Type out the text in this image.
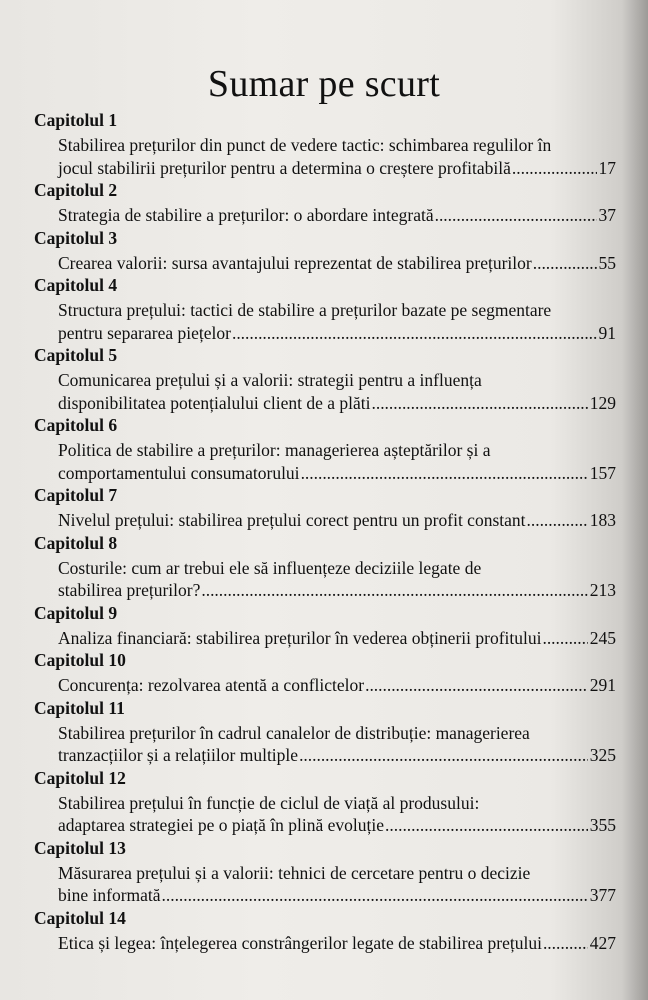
Sumar pe scurt
Capitolul 1
Stabilirea prețurilor din punct de vedere tactic: schimbarea regulilor în
jocul stabilirii prețurilor pentru a determina o creștere profitabilă . . .	17
Capitolul 2
Strategia de stabilire a prețurilor: o abordare integrată . . .	37
Capitolul 3
Crearea valorii: sursa avantajului reprezentat de stabilirea prețurilor . . .	55
Capitolul 4
Structura prețului: tactici de stabilire a prețurilor bazate pe segmentare
pentru separarea piețelor . . .	91
Capitolul 5
Comunicarea prețului și a valorii: strategii pentru a influența
disponibilitatea potențialului client de a plăti . . .	129
Capitolul 6
Politica de stabilire a prețurilor: managerierea așteptărilor și a
comportamentului consumatorului . . .	157
Capitolul 7
Nivelul prețului: stabilirea prețului corect pentru un profit constant . . .	183
Capitolul 8
Costurile: cum ar trebui ele să influențeze deciziile legate de
stabilirea prețurilor? . . .	213
Capitolul 9
Analiza financiară: stabilirea prețurilor în vederea obținerii profitului . . .	245
Capitolul 10
Concurența: rezolvarea atentă a conflictelor . . .	291
Capitolul 11
Stabilirea prețurilor în cadrul canalelor de distribuție: managerierea
tranzacțiilor și a relațiilor multiple . . .	325
Capitolul 12
Stabilirea prețului în funcție de ciclul de viață al produsului:
adaptarea strategiei pe o piață în plină evoluție . . .	355
Capitolul 13
Măsurarea prețului și a valorii: tehnici de cercetare pentru o decizie
bine informată . . .	377
Capitolul 14
Etica și legea: înțelegerea constrângerilor legate de stabilirea prețului . . .	427
